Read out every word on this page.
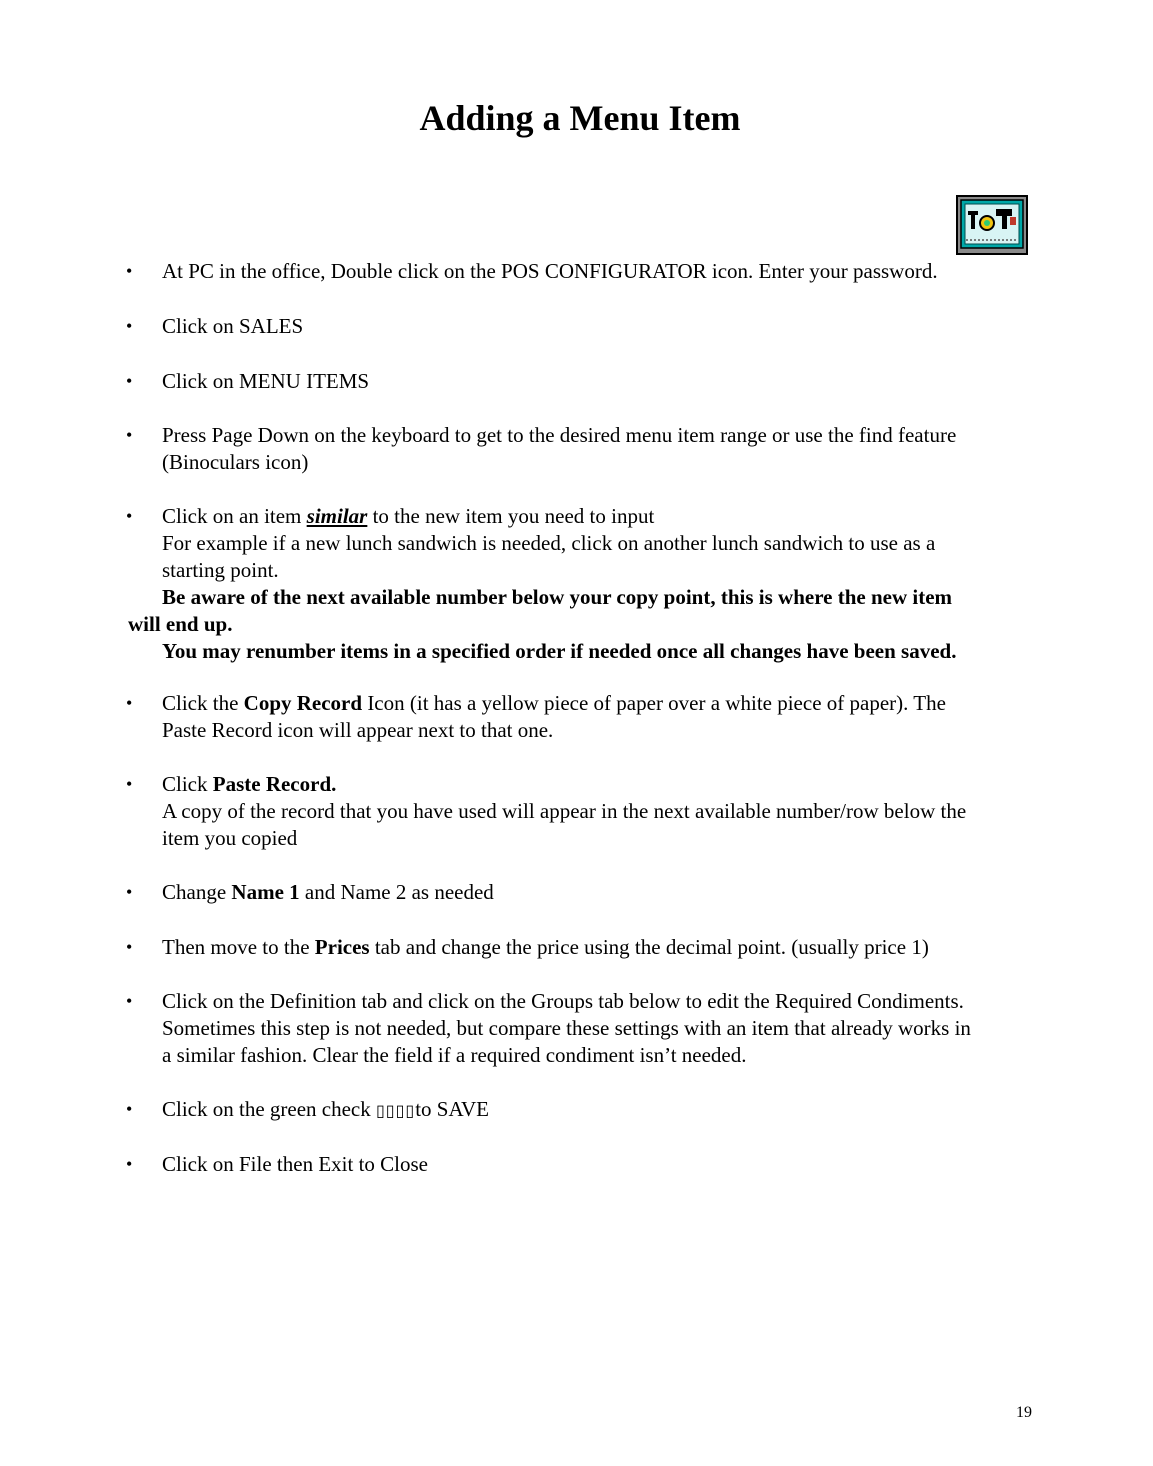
Adding a Menu Item
• At PC in the office, Double click on the POS CONFIGURATOR icon. Enter your password.
• Click on SALES
• Click on MENU ITEMS
• Press Page Down on the keyboard to get to the desired menu item range or use the find feature
(Binoculars icon)
• Click on an item similar to the new item you need to input
For example if a new lunch sandwich is needed, click on another lunch sandwich to use as a
starting point.
Be aware of the next available number below your copy point, this is where the new item
will end up.
You may renumber items in a specified order if needed once all changes have been saved.
• Click the Copy Record Icon (it has a yellow piece of paper over a white piece of paper). The
Paste Record icon will appear next to that one.
• Click Paste Record.
A copy of the record that you have used will appear in the next available number/row below the
item you copied
• Change Name 1 and Name 2 as needed
• Then move to the Prices tab and change the price using the decimal point. (usually price 1)
• Click on the Definition tab and click on the Groups tab below to edit the Required Condiments.
Sometimes this step is not needed, but compare these settings with an item that already works in
a similar fashion. Clear the field if a required condiment isn’t needed.
• Click on the green check ▯▯▯▯to SAVE
• Click on File then Exit to Close
19
